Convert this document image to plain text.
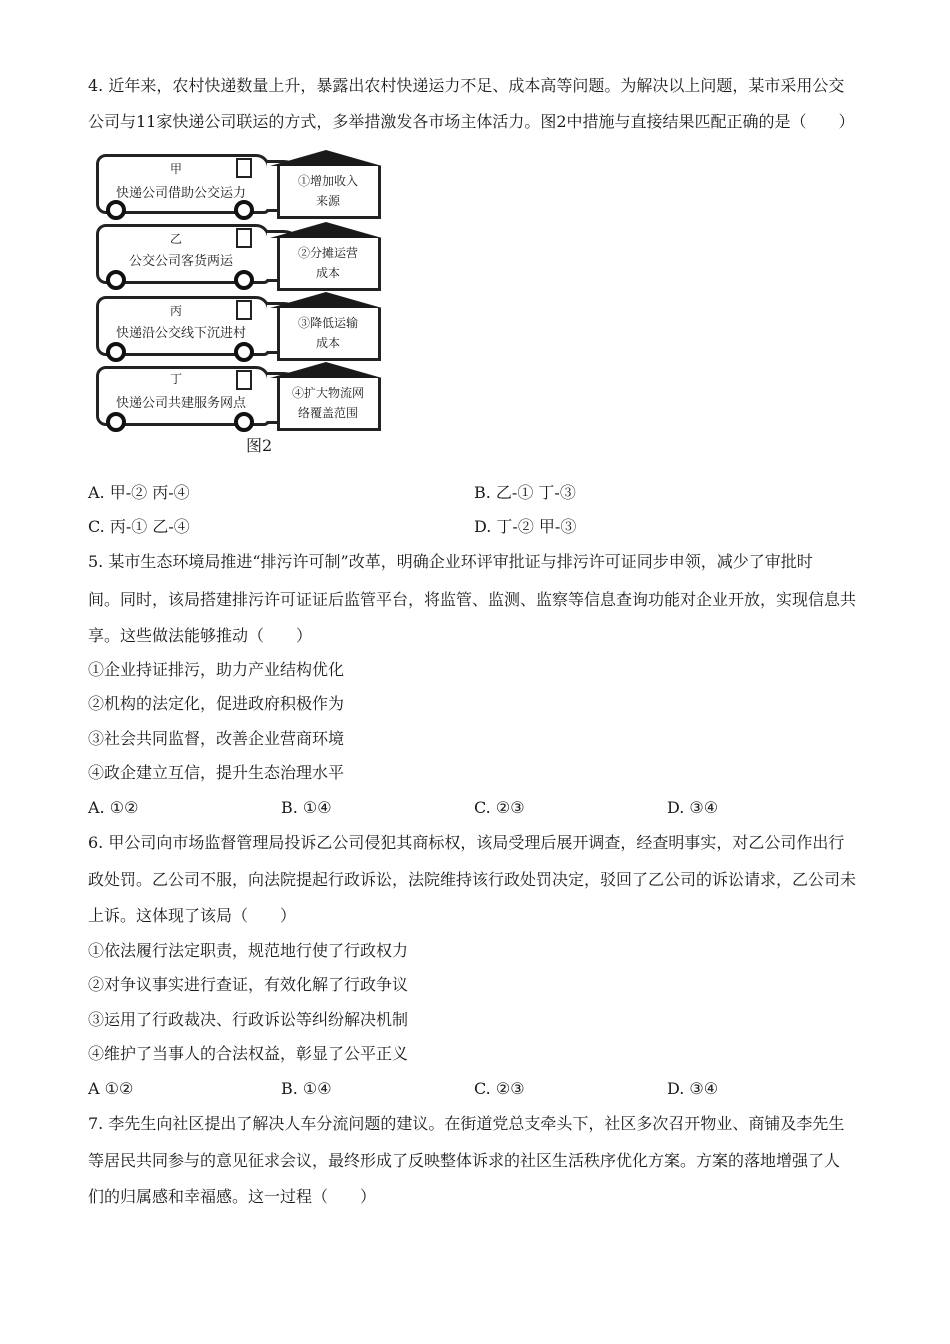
4. 近年来，农村快递数量上升，暴露出农村快递运力不足、成本高等问题。为解决以上问题，某市采用公交
公司与11家快递公司联运的方式，多举措激发各市场主体活力。图2中措施与直接结果匹配正确的是（　　）
甲
快递公司借助公交运力
乙
公交公司客货两运
丙
快递沿公交线下沉进村
丁
快递公司共建服务网点
①增加收入
来源
②分摊运营
成本
③降低运输
成本
④扩大物流网
络覆盖范围
图2
A. 甲-② 丙-④	B. 乙-① 丁-③
C. 丙-① 乙-④	D. 丁-② 甲-③
5. 某市生态环境局推进“排污许可制”改革，明确企业环评审批证与排污许可证同步申领，减少了审批时
间。同时，该局搭建排污许可证证后监管平台，将监管、监测、监察等信息查询功能对企业开放，实现信息共
享。这些做法能够推动（　　）
①企业持证排污，助力产业结构优化
②机构的法定化，促进政府积极作为
③社会共同监督，改善企业营商环境
④政企建立互信，提升生态治理水平
A. ①②	B. ①④	C. ②③	D. ③④
6. 甲公司向市场监督管理局投诉乙公司侵犯其商标权，该局受理后展开调查，经查明事实，对乙公司作出行
政处罚。乙公司不服，向法院提起行政诉讼，法院维持该行政处罚决定，驳回了乙公司的诉讼请求，乙公司未
上诉。这体现了该局（　　）
①依法履行法定职责，规范地行使了行政权力
②对争议事实进行查证，有效化解了行政争议
③运用了行政裁决、行政诉讼等纠纷解决机制
④维护了当事人的合法权益，彰显了公平正义
A ①②	B. ①④	C. ②③	D. ③④
7. 李先生向社区提出了解决人车分流问题的建议。在街道党总支牵头下，社区多次召开物业、商铺及李先生
等居民共同参与的意见征求会议，最终形成了反映整体诉求的社区生活秩序优化方案。方案的落地增强了人
们的归属感和幸福感。这一过程（　　）
